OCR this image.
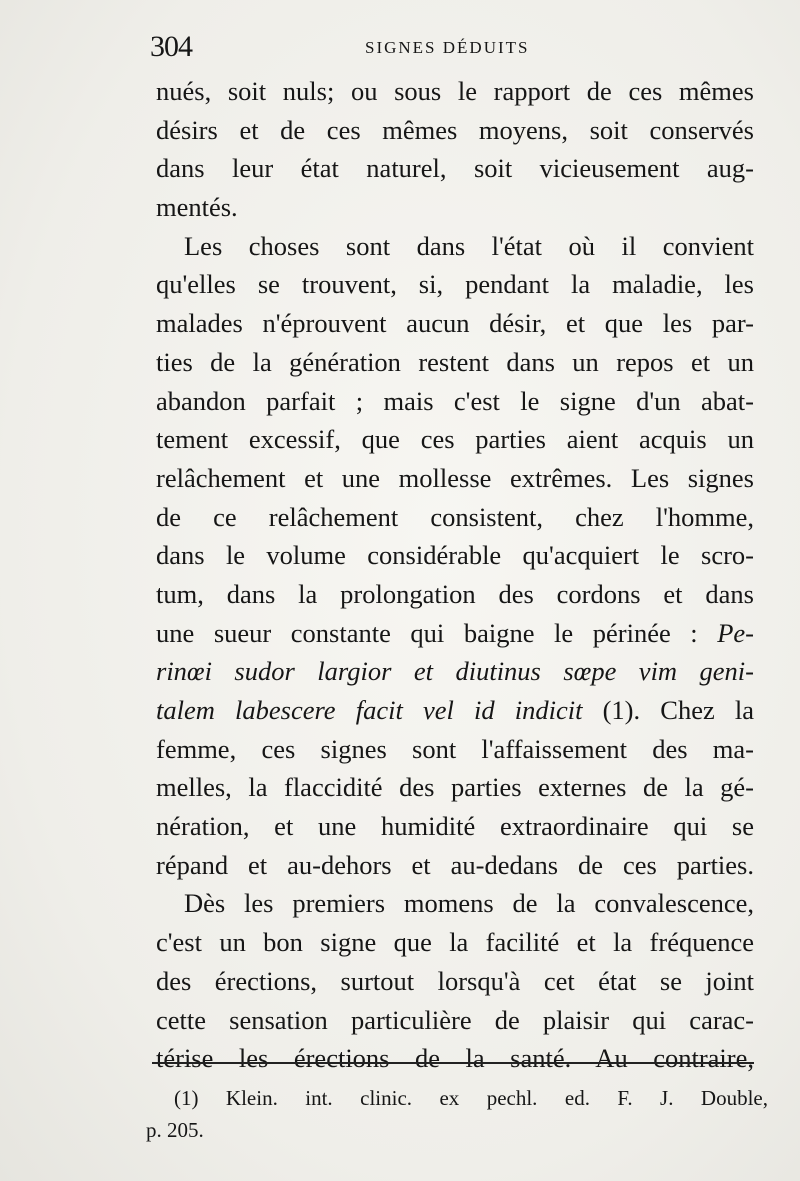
304	SIGNES DÉDUITS
nués, soit nuls; ou sous le rapport de ces mêmes
désirs et de ces mêmes moyens, soit conservés
dans leur état naturel, soit vicieusement aug-
mentés.
Les choses sont dans l'état où il convient
qu'elles se trouvent, si, pendant la maladie, les
malades n'éprouvent aucun désir, et que les par-
ties de la génération restent dans un repos et un
abandon parfait ; mais c'est le signe d'un abat-
tement excessif, que ces parties aient acquis un
relâchement et une mollesse extrêmes. Les signes
de ce relâchement consistent, chez l'homme,
dans le volume considérable qu'acquiert le scro-
tum, dans la prolongation des cordons et dans
une sueur constante qui baigne le périnée : Pe-
rinœi sudor largior et diutinus sœpe vim geni-
talem labescere facit vel id indicit (1). Chez la
femme, ces signes sont l'affaissement des ma-
melles, la flaccidité des parties externes de la gé-
nération, et une humidité extraordinaire qui se
répand et au-dehors et au-dedans de ces parties.
Dès les premiers momens de la convalescence,
c'est un bon signe que la facilité et la fréquence
des érections, surtout lorsqu'à cet état se joint
cette sensation particulière de plaisir qui carac-
térise les érections de la santé. Au contraire,
(1) Klein. int. clinic. ex pechl. ed. F. J. Double,
p. 205.
